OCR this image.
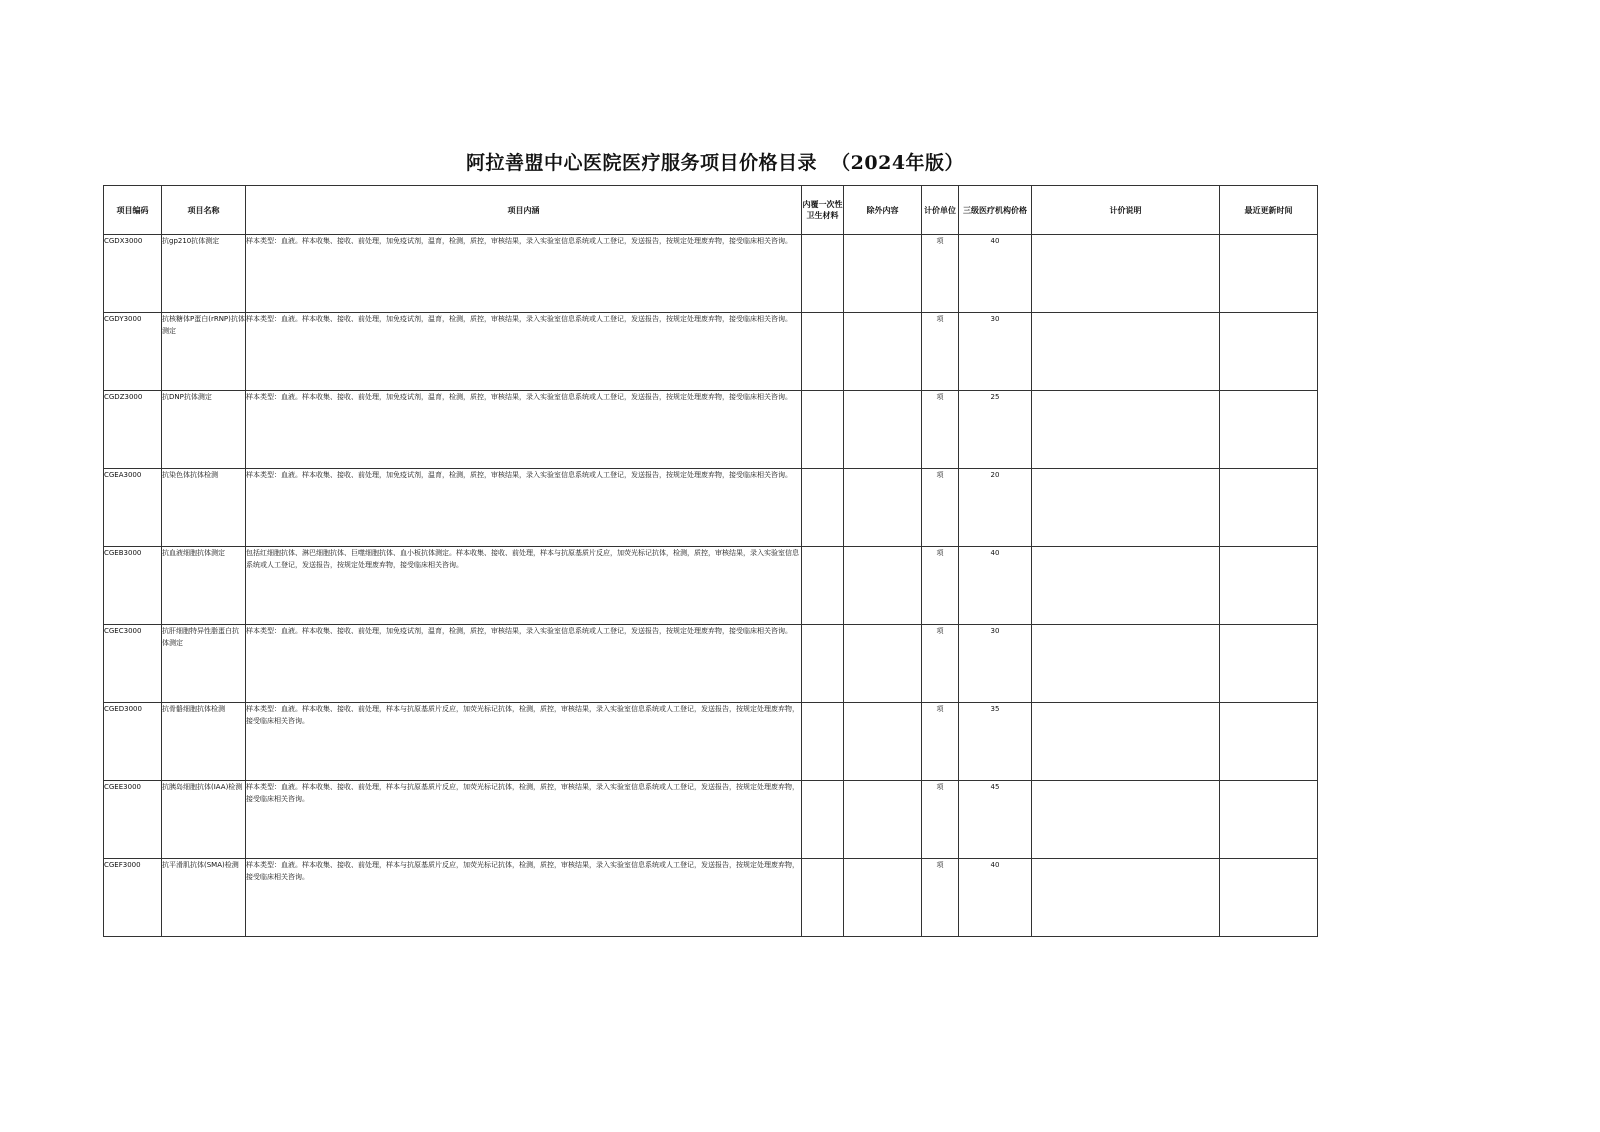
阿拉善盟中心医院医疗服务项目价格目录  （2024年版）
项目编码	项目名称	项目内涵	内覆一次性卫生材料	除外内容	计价单位	三级医疗机构价格	计价说明	最近更新时间
CGDX3000	抗gp210抗体测定	样本类型：血液。样本收集、接收、前处理，加免疫试剂，温育，检测，质控，审核结果，录入实验室信息系统或人工登记，发送报告，按规定处理废弃物，接受临床相关咨询。			项	40		
CGDY3000	抗核糖体P蛋白(rRNP)抗体测定	样本类型：血液。样本收集、接收、前处理，加免疫试剂，温育，检测，质控，审核结果，录入实验室信息系统或人工登记，发送报告，按规定处理废弃物，接受临床相关咨询。			项	30		
CGDZ3000	抗DNP抗体测定	样本类型：血液。样本收集、接收、前处理，加免疫试剂，温育，检测，质控，审核结果，录入实验室信息系统或人工登记，发送报告，按规定处理废弃物，接受临床相关咨询。			项	25		
CGEA3000	抗染色体抗体检测	样本类型：血液。样本收集、接收、前处理，加免疫试剂，温育，检测，质控，审核结果，录入实验室信息系统或人工登记，发送报告，按规定处理废弃物，接受临床相关咨询。			项	20		
CGEB3000	抗血液细胞抗体测定	包括红细胞抗体、淋巴细胞抗体、巨噬细胞抗体、血小板抗体测定。样本收集、接收、前处理，样本与抗原基质片反应，加荧光标记抗体，检测，质控，审核结果，录入实验室信息系统或人工登记，发送报告，按规定处理废弃物，接受临床相关咨询。			项	40		
CGEC3000	抗肝细胞特异性脂蛋白抗体测定	样本类型：血液。样本收集、接收、前处理，加免疫试剂，温育，检测，质控，审核结果，录入实验室信息系统或人工登记，发送报告，按规定处理废弃物，接受临床相关咨询。			项	30		
CGED3000	抗骨骼细胞抗体检测	样本类型：血液。样本收集、接收、前处理，样本与抗原基质片反应，加荧光标记抗体，检测，质控，审核结果，录入实验室信息系统或人工登记，发送报告，按规定处理废弃物，接受临床相关咨询。			项	35		
CGEE3000	抗胰岛细胞抗体(IAA)检测	样本类型：血液。样本收集、接收、前处理，样本与抗原基质片反应，加荧光标记抗体，检测，质控，审核结果，录入实验室信息系统或人工登记，发送报告，按规定处理废弃物，接受临床相关咨询。			项	45		
CGEF3000	抗平滑肌抗体(SMA)检测	样本类型：血液。样本收集、接收、前处理，样本与抗原基质片反应，加荧光标记抗体，检测，质控，审核结果，录入实验室信息系统或人工登记，发送报告，按规定处理废弃物，接受临床相关咨询。			项	40		
